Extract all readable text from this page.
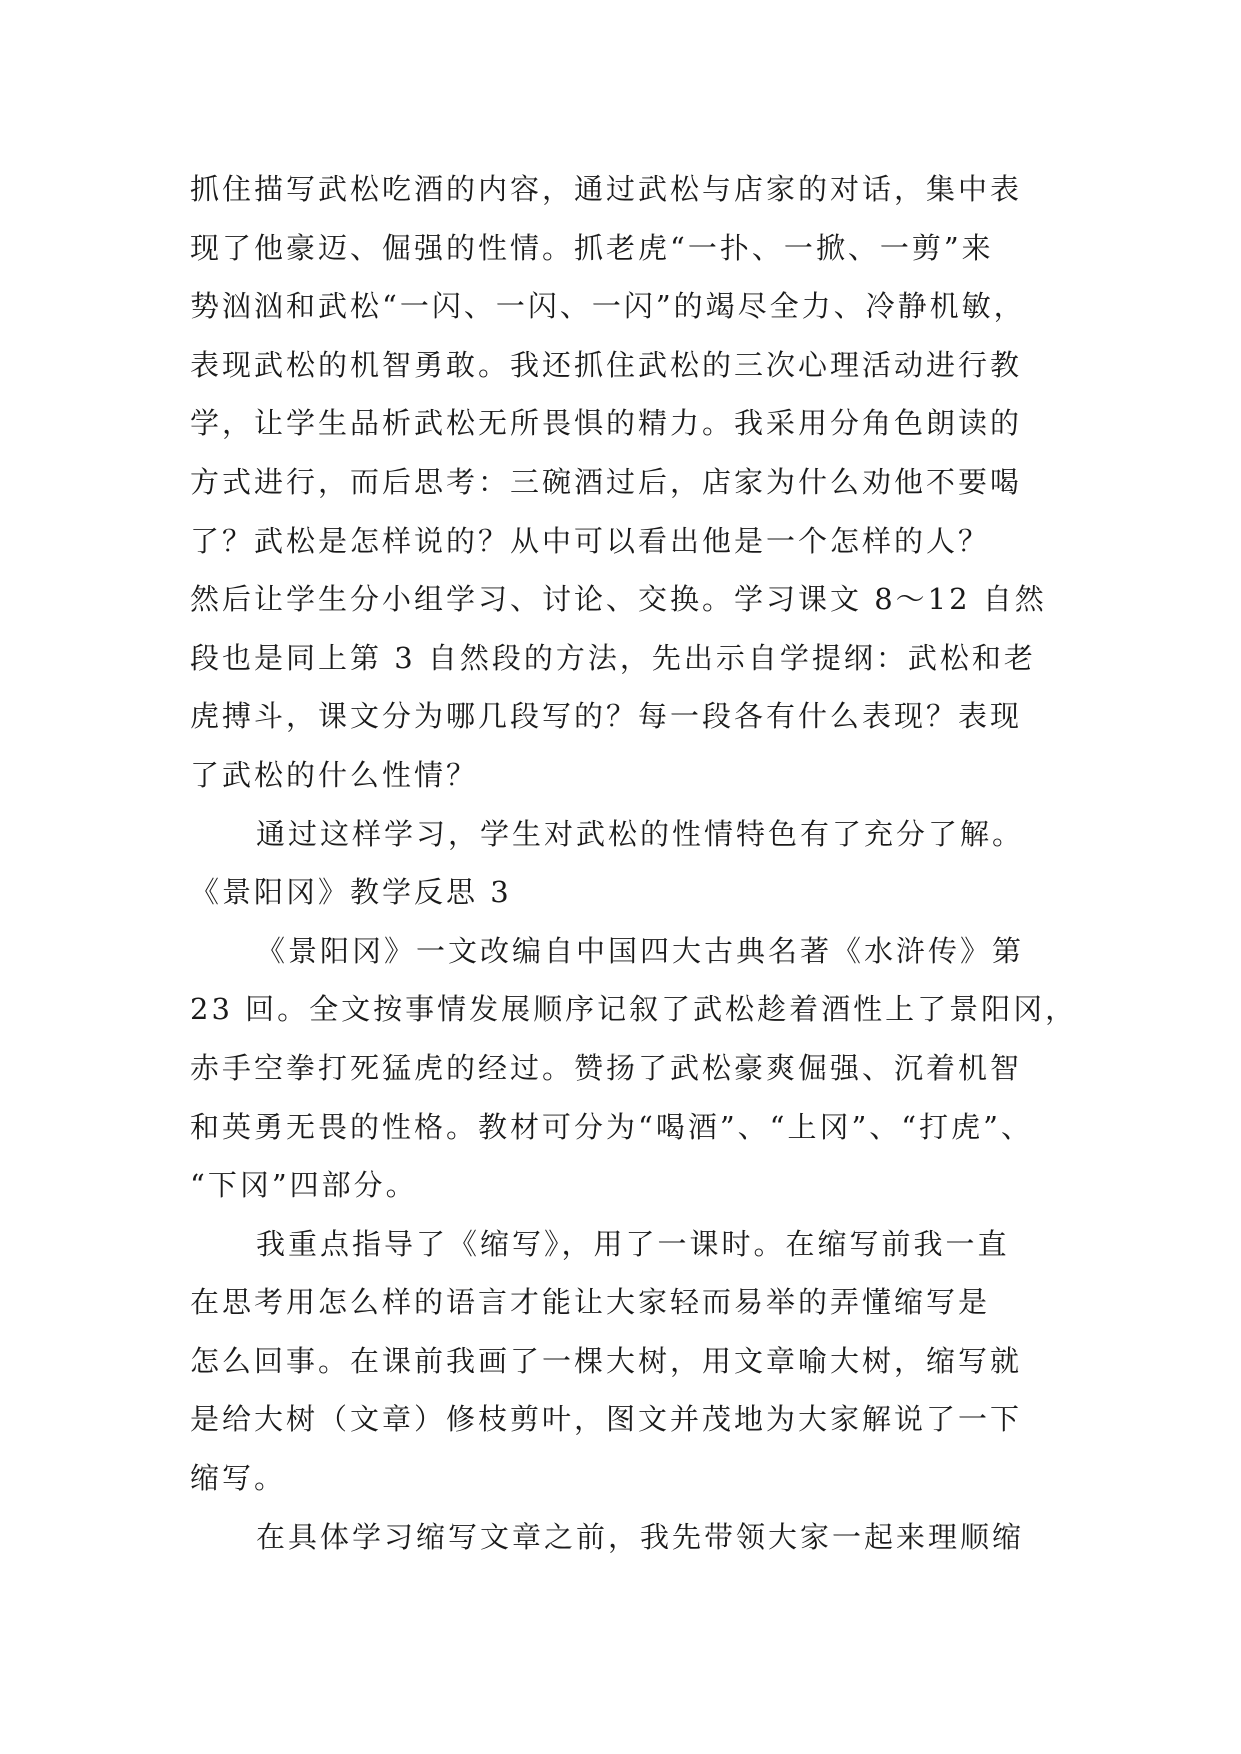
抓住描写武松吃酒的内容，通过武松与店家的对话，集中表
现了他豪迈、倔强的性情。抓老虎“一扑、一掀、一剪”来
势汹汹和武松“一闪、一闪、一闪”的竭尽全力、冷静机敏，
表现武松的机智勇敢。我还抓住武松的三次心理活动进行教
学，让学生品析武松无所畏惧的精力。我采用分角色朗读的
方式进行，而后思考：三碗酒过后，店家为什么劝他不要喝
了？武松是怎样说的？从中可以看出他是一个怎样的人？
然后让学生分小组学习、讨论、交换。学习课文 8～12 自然
段也是同上第 3 自然段的方法，先出示自学提纲：武松和老
虎搏斗，课文分为哪几段写的？每一段各有什么表现？表现
了武松的什么性情？
通过这样学习，学生对武松的性情特色有了充分了解。
《景阳冈》教学反思 3
《景阳冈》一文改编自中国四大古典名著《水浒传》第
23 回。全文按事情发展顺序记叙了武松趁着酒性上了景阳冈，
赤手空拳打死猛虎的经过。赞扬了武松豪爽倔强、沉着机智
和英勇无畏的性格。教材可分为“喝酒”、“上冈”、“打虎”、
“下冈”四部分。
我重点指导了《缩写》，用了一课时。在缩写前我一直
在思考用怎么样的语言才能让大家轻而易举的弄懂缩写是
怎么回事。在课前我画了一棵大树，用文章喻大树，缩写就
是给大树（文章）修枝剪叶，图文并茂地为大家解说了一下
缩写。
在具体学习缩写文章之前，我先带领大家一起来理顺缩
